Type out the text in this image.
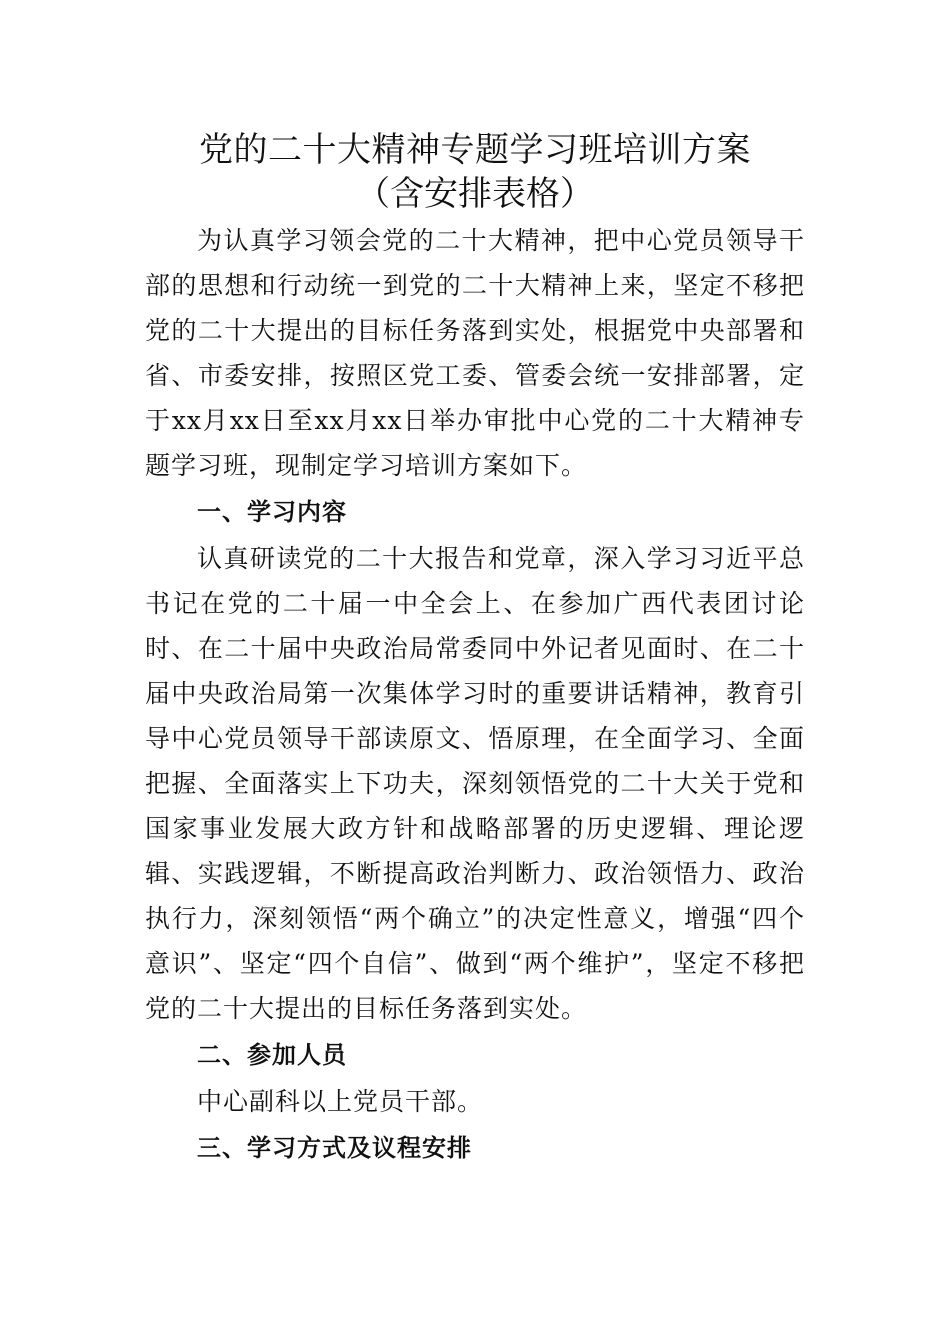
党的二十大精神专题学习班培训方案
（含安排表格）

为认真学习领会党的二十大精神，把中心党员领导干部的思想和行动统一到党的二十大精神上来，坚定不移把党的二十大提出的目标任务落到实处，根据党中央部署和省、市委安排，按照区党工委、管委会统一安排部署，定于xx月xx日至xx月xx日举办审批中心党的二十大精神专题学习班，现制定学习培训方案如下。

一、学习内容

认真研读党的二十大报告和党章，深入学习习近平总书记在党的二十届一中全会上、在参加广西代表团讨论时、在二十届中央政治局常委同中外记者见面时、在二十届中央政治局第一次集体学习时的重要讲话精神，教育引导中心党员领导干部读原文、悟原理，在全面学习、全面把握、全面落实上下功夫，深刻领悟党的二十大关于党和国家事业发展大政方针和战略部署的历史逻辑、理论逻辑、实践逻辑，不断提高政治判断力、政治领悟力、政治执行力，深刻领悟“两个确立”的决定性意义，增强“四个意识”、坚定“四个自信”、做到“两个维护”，坚定不移把党的二十大提出的目标任务落到实处。

二、参加人员

中心副科以上党员干部。

三、学习方式及议程安排
